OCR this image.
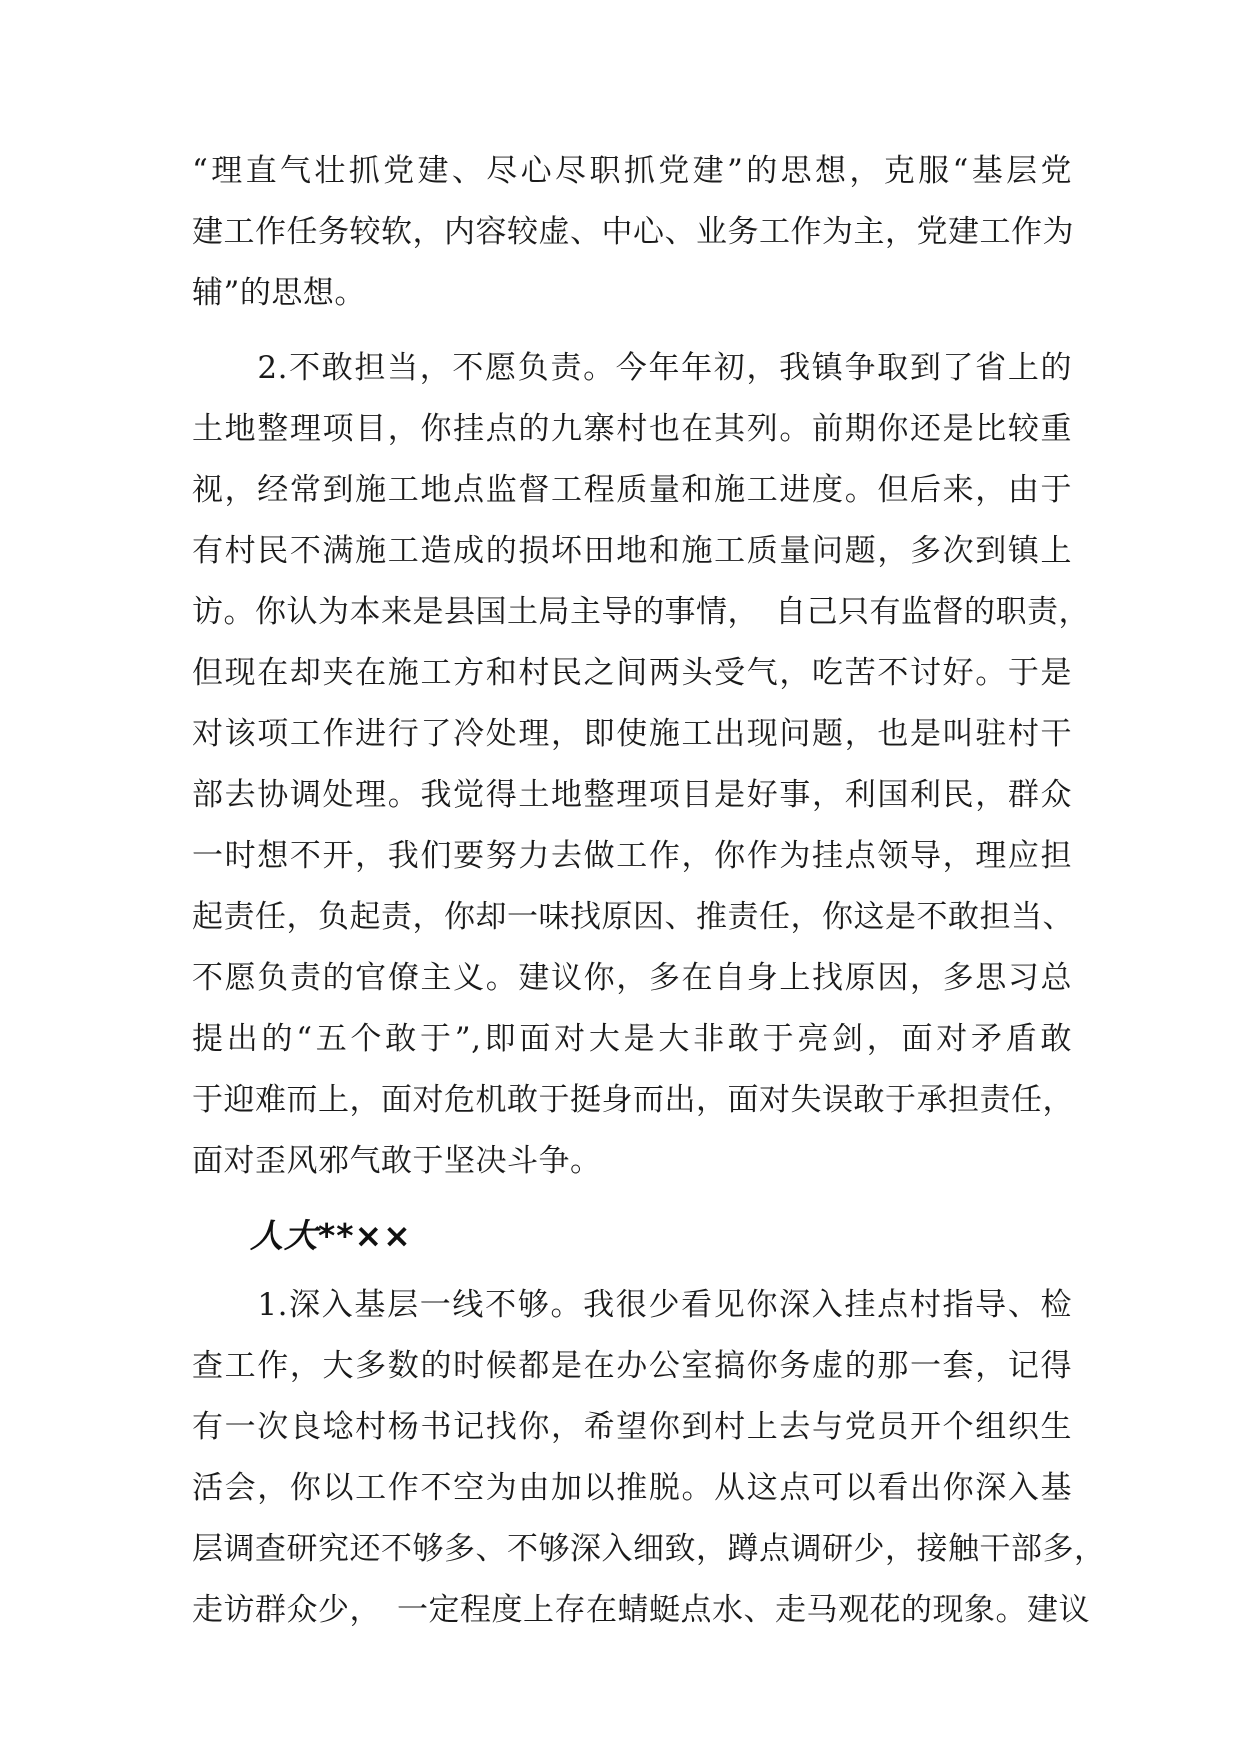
“理直气壮抓党建、尽心尽职抓党建”的思想，克服“基层党
建工作任务较软，内容较虚、中心、业务工作为主，党建工作为
辅”的思想。
　　2.不敢担当，不愿负责。今年年初，我镇争取到了省上的
土地整理项目，你挂点的九寨村也在其列。前期你还是比较重
视，经常到施工地点监督工程质量和施工进度。但后来，由于
有村民不满施工造成的损坏田地和施工质量问题，多次到镇上
访。你认为本来是县国土局主导的事情，　自己只有监督的职责，
但现在却夹在施工方和村民之间两头受气，吃苦不讨好。于是
对该项工作进行了冷处理，即使施工出现问题，也是叫驻村干
部去协调处理。我觉得土地整理项目是好事，利国利民，群众
一时想不开，我们要努力去做工作，你作为挂点领导，理应担
起责任，负起责，你却一味找原因、推责任，你这是不敢担当、
不愿负责的官僚主义。建议你，多在自身上找原因，多思习总
提出的“五个敢于”,即面对大是大非敢于亮剑，面对矛盾敢
于迎难而上，面对危机敢于挺身而出，面对失误敢于承担责任，
面对歪风邪气敢于坚决斗争。
人大**××
　　1.深入基层一线不够。我很少看见你深入挂点村指导、检
查工作，大多数的时候都是在办公室搞你务虚的那一套，记得
有一次良埝村杨书记找你，希望你到村上去与党员开个组织生
活会，你以工作不空为由加以推脱。从这点可以看出你深入基
层调查研究还不够多、不够深入细致，蹲点调研少，接触干部多，
走访群众少，　一定程度上存在蜻蜓点水、走马观花的现象。建议
